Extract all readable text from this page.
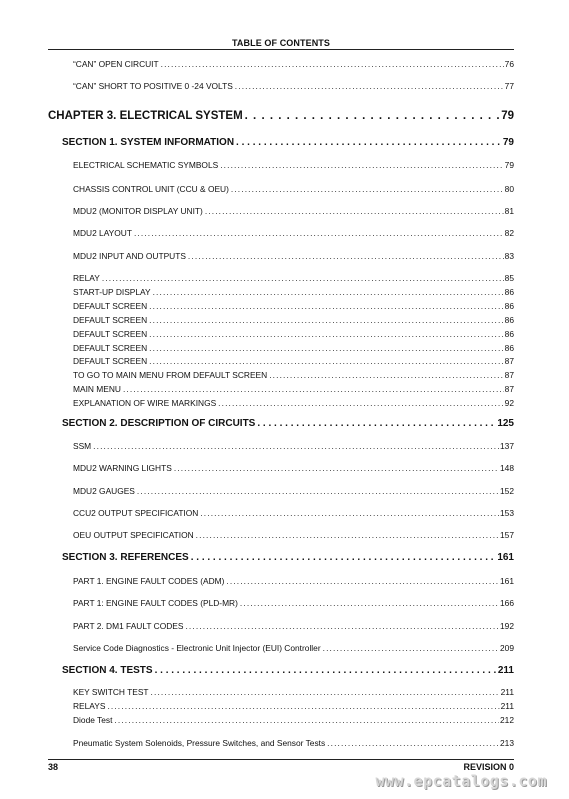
TABLE OF CONTENTS
“CAN” OPEN CIRCUIT . . .	76
“CAN” SHORT TO POSITIVE 0 -24 VOLTS . . .	77
CHAPTER 3. ELECTRICAL SYSTEM . . .	79
SECTION 1. SYSTEM INFORMATION . . .	79
ELECTRICAL SCHEMATIC SYMBOLS . . .	79
CHASSIS CONTROL UNIT (CCU & OEU) . . .	80
MDU2 (MONITOR DISPLAY UNIT) . . .	81
MDU2 LAYOUT . . .	82
MDU2 INPUT AND OUTPUTS . . .	83
RELAY . . .	85
START-UP DISPLAY . . .	86
DEFAULT SCREEN . . .	86
DEFAULT SCREEN . . .	86
DEFAULT SCREEN . . .	86
DEFAULT SCREEN . . .	86
DEFAULT SCREEN . . .	87
TO GO TO MAIN MENU FROM DEFAULT SCREEN . . .	87
MAIN MENU . . .	87
EXPLANATION OF WIRE MARKINGS . . .	92
SECTION 2. DESCRIPTION OF CIRCUITS . . .	125
SSM . . .	137
MDU2 WARNING LIGHTS . . .	148
MDU2 GAUGES . . .	152
CCU2 OUTPUT SPECIFICATION . . .	153
OEU OUTPUT SPECIFICATION . . .	157
SECTION 3. REFERENCES . . .	161
PART 1. ENGINE FAULT CODES (ADM) . . .	161
PART 1: ENGINE FAULT CODES (PLD-MR) . . .	166
PART 2. DM1 FAULT CODES . . .	192
Service Code Diagnostics - Electronic Unit Injector (EUI) Controller . . .	209
SECTION 4. TESTS . . .	211
KEY SWITCH TEST . . .	211
RELAYS . . .	211
Diode Test . . .	212
Pneumatic System Solenoids, Pressure Switches, and Sensor Tests . . .	213
38	REVISION 0
www.epcatalogs.com
